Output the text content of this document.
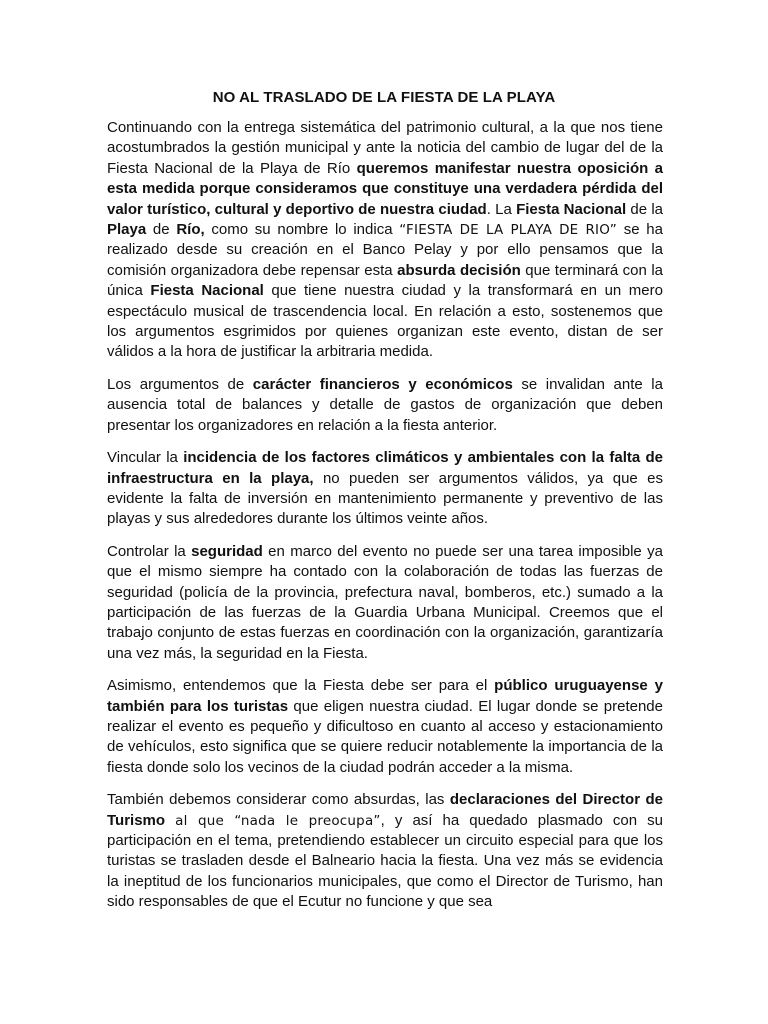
NO AL TRASLADO DE LA FIESTA DE LA PLAYA

Continuando con la entrega sistemática del patrimonio cultural, a la que nos tiene acostumbrados la gestión municipal y ante la noticia del cambio de lugar del de la Fiesta Nacional de la Playa de Río queremos manifestar nuestra oposición a esta medida porque consideramos que constituye una verdadera pérdida del valor turístico, cultural y deportivo de nuestra ciudad. La Fiesta Nacional de la Playa de Río, como su nombre lo indica “FIESTA DE LA PLAYA DE RIO” se ha realizado desde su creación en el Banco Pelay y por ello pensamos que la comisión organizadora debe repensar esta absurda decisión que terminará con la única Fiesta Nacional que tiene nuestra ciudad y la transformará en un mero espectáculo musical de trascendencia local. En relación a esto, sostenemos que los argumentos esgrimidos por quienes organizan este evento, distan de ser válidos a la hora de justificar la arbitraria medida.

Los argumentos de carácter financieros y económicos se invalidan ante la ausencia total de balances y detalle de gastos de organización que deben presentar los organizadores en relación a la fiesta anterior.

Vincular la incidencia de los factores climáticos y ambientales con la falta de infraestructura en la playa, no pueden ser argumentos válidos, ya que es evidente la falta de inversión en mantenimiento permanente y preventivo de las playas y sus alrededores durante los últimos veinte años.

Controlar la seguridad en marco del evento no puede ser una tarea imposible ya que el mismo siempre ha contado con la colaboración de todas las fuerzas de seguridad (policía de la provincia, prefectura naval, bomberos, etc.) sumado a la participación de las fuerzas de la Guardia Urbana Municipal. Creemos que el trabajo conjunto de estas fuerzas en coordinación con la organización, garantizaría una vez más, la seguridad en la Fiesta.

Asimismo, entendemos que la Fiesta debe ser para el público uruguayense y también para los turistas que eligen nuestra ciudad. El lugar donde se pretende realizar el evento es pequeño y dificultoso en cuanto al acceso y estacionamiento de vehículos, esto significa que se quiere reducir notablemente la importancia de la fiesta donde solo los vecinos de la ciudad podrán acceder a la misma.

También debemos considerar como absurdas, las declaraciones del Director de Turismo al que “nada le preocupa”, y así ha quedado plasmado con su participación en el tema, pretendiendo establecer un circuito especial para que los turistas se trasladen desde el Balneario hacia la fiesta. Una vez más se evidencia la ineptitud de los funcionarios municipales, que como el Director de Turismo, han sido responsables de que el Ecutur no funcione y que sea
